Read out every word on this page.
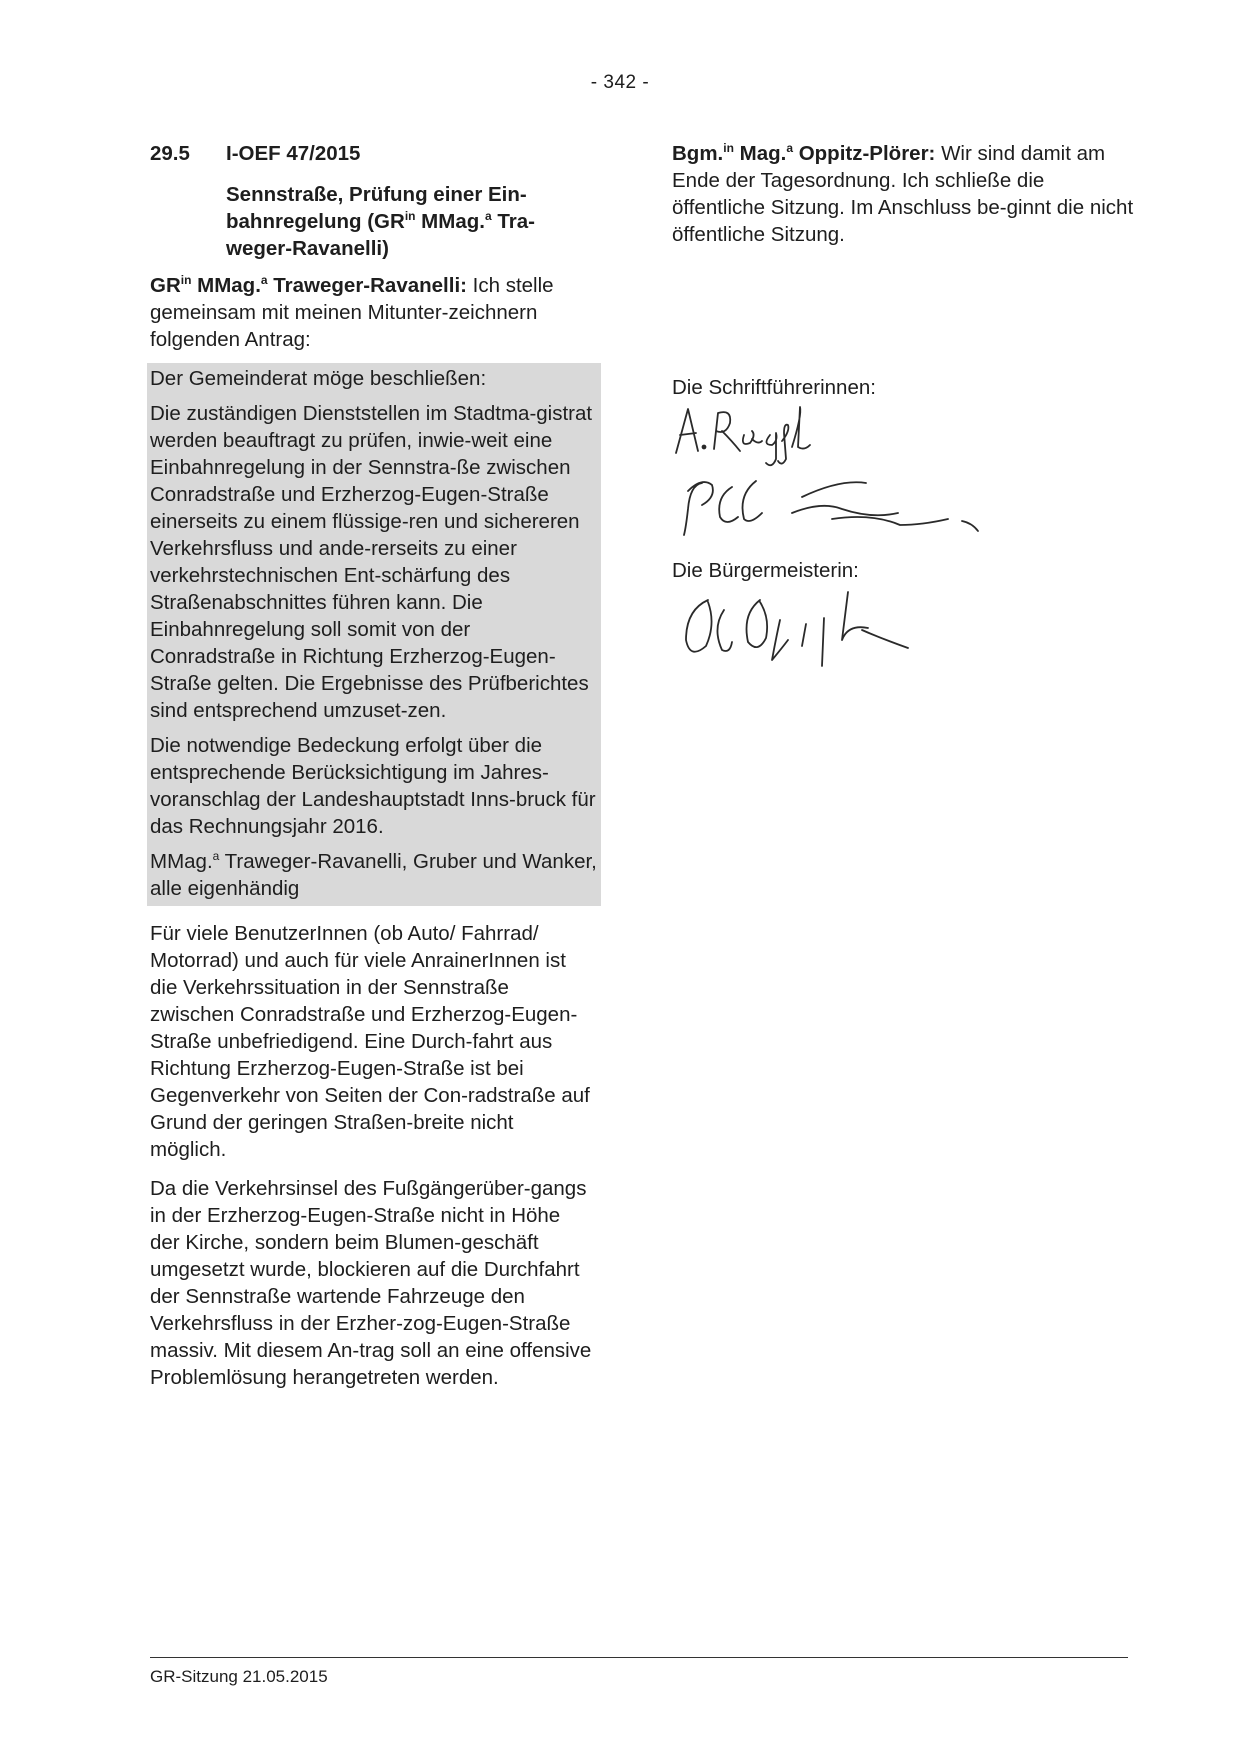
- 342 -
29.5 I-OEF 47/2015
Sennstraße, Prüfung einer Ein-bahnregelung ($GR^{in}$ MMag.$^a$ Tra-weger-Ravanelli)

$GR^{in}$ MMag.$^a$ Traweger-Ravanelli: Ich stelle gemeinsam mit meinen Mitunter-zeichnern folgenden Antrag:

Der Gemeinderat möge beschließen:

Die zuständigen Dienststellen im Stadtma-gistrat werden beauftragt zu prüfen, inwie-weit eine Einbahnregelung in der Sennstra-ße zwischen Conradstraße und Erzherzog-Eugen-Straße einerseits zu einem flüssige-ren und sichereren Verkehrsfluss und ande-rerseits zu einer verkehrstechnischen Ent-schärfung des Straßenabschnittes führen kann. Die Einbahnregelung soll somit von der Conradstraße in Richtung Erzherzog-Eugen-Straße gelten. Die Ergebnisse des Prüfberichtes sind entsprechend umzuset-zen.

Die notwendige Bedeckung erfolgt über die entsprechende Berücksichtigung im Jahres-voranschlag der Landeshauptstadt Inns-bruck für das Rechnungsjahr 2016.

MMag.$^a$ Traweger-Ravanelli, Gruber und Wanker, alle eigenhändig

Für viele BenutzerInnen (ob Auto/ Fahrrad/ Motorrad) und auch für viele AnrainerInnen ist die Verkehrssituation in der Sennstraße zwischen Conradstraße und Erzherzog-Eugen-Straße unbefriedigend. Eine Durch-fahrt aus Richtung Erzherzog-Eugen-Straße ist bei Gegenverkehr von Seiten der Con-radstraße auf Grund der geringen Straßen-breite nicht möglich.

Da die Verkehrsinsel des Fußgängerüber-gangs in der Erzherzog-Eugen-Straße nicht in Höhe der Kirche, sondern beim Blumen-geschäft umgesetzt wurde, blockieren auf die Durchfahrt der Sennstraße wartende Fahrzeuge den Verkehrsfluss in der Erzher-zog-Eugen-Straße massiv. Mit diesem An-trag soll an eine offensive Problemlösung herangetreten werden.

Bgm.$^{in}$ Mag.$^a$ Oppitz-Plörer: Wir sind damit am Ende der Tagesordnung. Ich schließe die öffentliche Sitzung. Im Anschluss be-ginnt die nicht öffentliche Sitzung.

Die Schriftführerinnen:
Die Bürgermeisterin:
GR-Sitzung 21.05.2015
